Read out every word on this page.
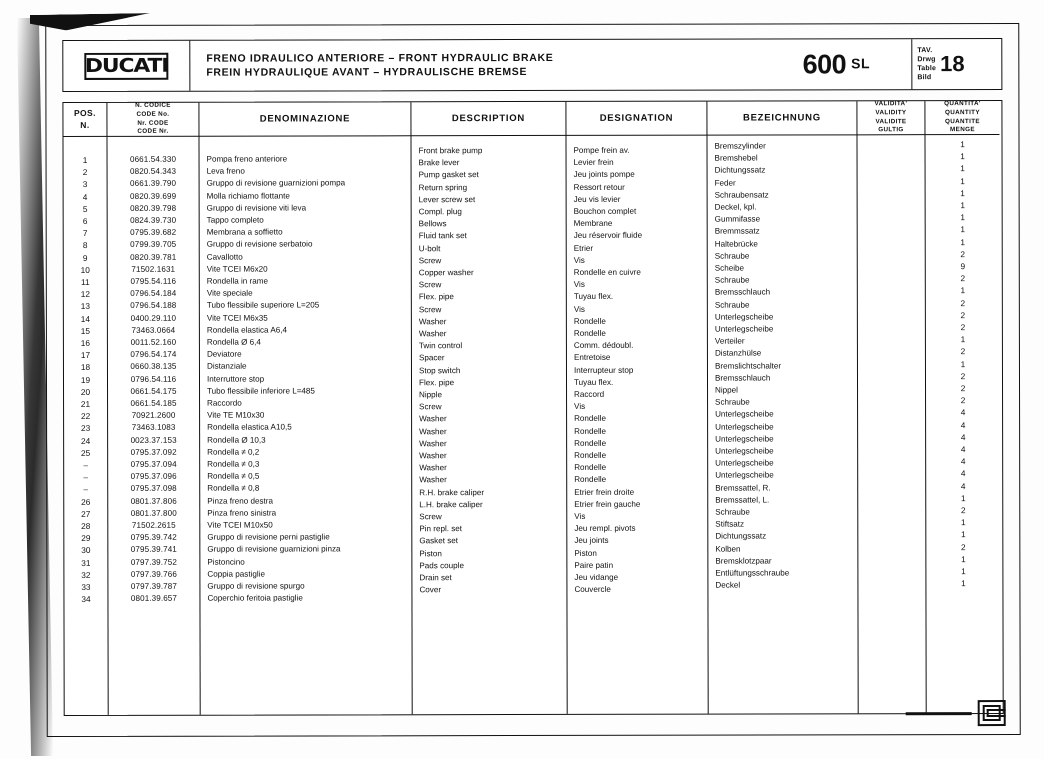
DUCATI	FRENO IDRAULICO ANTERIORE – FRONT HYDRAULIC BRAKE
FREIN HYDRAULIQUE AVANT – HYDRAULISCHE BREMSE	600 SL
TAV.
Drwg
Table
Bild
18
POS.
N.
1
2
3
4
5
6
7
8
9
10
11
12
13
14
15
16
17
18
19
20
21
22
23
24
25
–
–
–
26
27
28
29
30
31
32
33
34
N. CODICE
CODE No.
Nr. CODE
CODE Nr.
0661.54.330
0820.54.343
0661.39.790
0820.39.699
0820.39.798
0824.39.730
0795.39.682
0799.39.705
0820.39.781
71502.1631
0795.54.116
0796.54.184
0796.54.188
0400.29.110
73463.0664
0011.52.160
0796.54.174
0660.38.135
0796.54.116
0661.54.175
0661.54.185
70921.2600
73463.1083
0023.37.153
0795.37.092
0795.37.094
0795.37.096
0795.37.098
0801.37.806
0801.37.800
71502.2615
0795.39.742
0795.39.741
0797.39.752
0797.39.766
0797.39.787
0801.39.657
DENOMINAZIONE
Pompa freno anteriore
Leva freno
Gruppo di revisione guarnizioni pompa
Molla richiamo flottante
Gruppo di revisione viti leva
Tappo completo
Membrana a soffietto
Gruppo di revisione serbatoio
Cavallotto
Vite TCEI M6x20
Rondella in rame
Vite speciale
Tubo flessibile superiore L=205
Vite TCEI M6x35
Rondella elastica A6,4
Rondella Ø 6,4
Deviatore
Distanziale
Interruttore stop
Tubo flessibile inferiore L=485
Raccordo
Vite TE M10x30
Rondella elastica A10,5
Rondella Ø 10,3
Rondella ≠ 0,2
Rondella ≠ 0,3
Rondella ≠ 0,5
Rondella ≠ 0,8
Pinza freno destra
Pinza freno sinistra
Vite TCEI M10x50
Gruppo di revisione perni pastiglie
Gruppo di revisione guarnizioni pinza
Pistoncino
Coppia pastiglie
Gruppo di revisione spurgo
Coperchio feritoia pastiglie
DESCRIPTION
Front brake pump
Brake lever
Pump gasket set
Return spring
Lever screw set
Compl. plug
Bellows
Fluid tank set
U-bolt
Screw
Copper washer
Screw
Flex. pipe
Screw
Washer
Washer
Twin control
Spacer
Stop switch
Flex. pipe
Nipple
Screw
Washer
Washer
Washer
Washer
Washer
Washer
R.H. brake caliper
L.H. brake caliper
Screw
Pin repl. set
Gasket set
Piston
Pads couple
Drain set
Cover
DESIGNATION
Pompe frein av.
Levier frein
Jeu joints pompe
Ressort retour
Jeu vis levier
Bouchon complet
Membrane
Jeu réservoir fluide
Etrier
Vis
Rondelle en cuivre
Vis
Tuyau flex.
Vis
Rondelle
Rondelle
Comm. dédoubl.
Entretoise
Interrupteur stop
Tuyau flex.
Raccord
Vis
Rondelle
Rondelle
Rondelle
Rondelle
Rondelle
Rondelle
Etrier frein droite
Etrier frein gauche
Vis
Jeu rempl. pivots
Jeu joints
Piston
Paire patin
Jeu vidange
Couvercle
BEZEICHNUNG
Bremszylinder
Bremshebel
Dichtungssatz
Feder
Schraubensatz
Deckel, kpl.
Gummifasse
Bremmssatz
Haltebrücke
Schraube
Scheibe
Schraube
Bremsschlauch
Schraube
Unterlegscheibe
Unterlegscheibe
Verteiler
Distanzhülse
Bremslichtschalter
Bremsschlauch
Nippel
Schraube
Unterlegscheibe
Unterlegscheibe
Unterlegscheibe
Unterlegscheibe
Unterlegscheibe
Unterlegscheibe
Bremssattel, R.
Bremssattel, L.
Schraube
Stiftsatz
Dichtungssatz
Kolben
Bremsklotzpaar
Entlüftungsschraube
Deckel
VALIDITA'
VALIDITY
VALIDITE
GULTIG
QUANTITA'
QUANTITY
QUANTITE
MENGE
1
1
1
1
1
1
1
1
1
2
9
2
1
2
2
2
1
2
1
2
2
2
4
4
4
4
4
4
4
1
2
1
1
2
1
1
1
